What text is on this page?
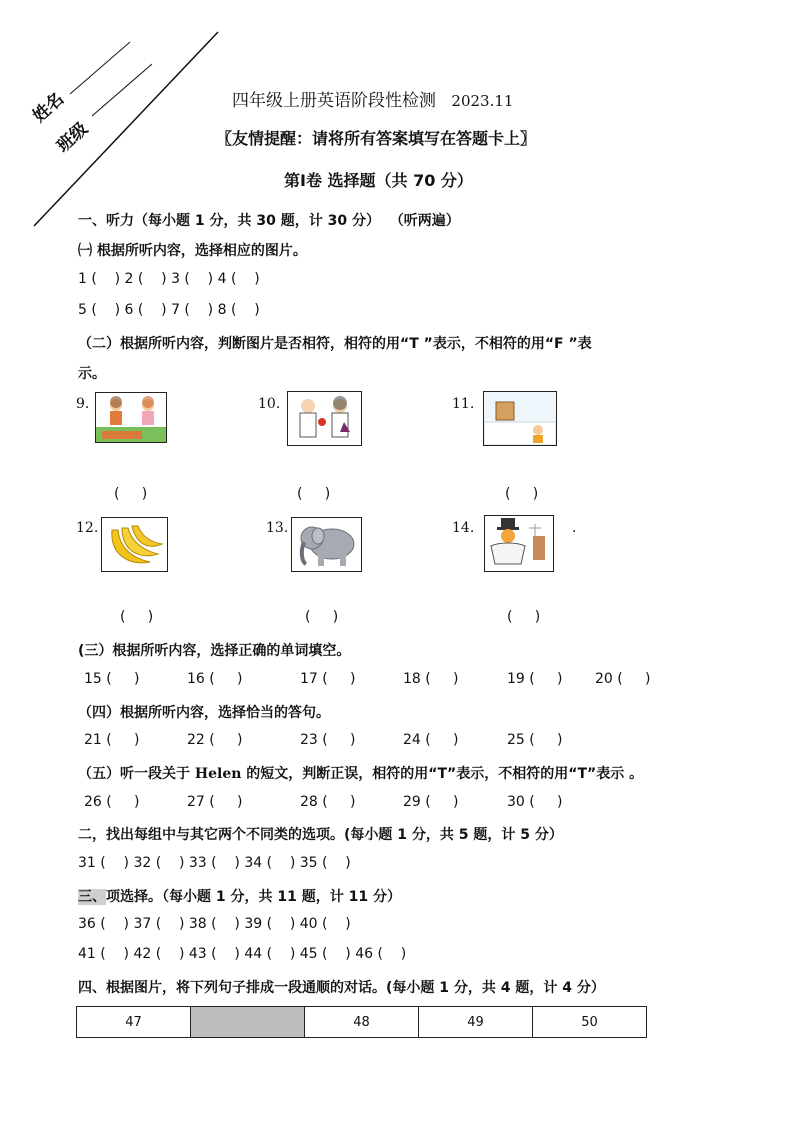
姓名
班级
四年级上册英语阶段性检测 2023.11
〖友情提醒：请将所有答案填写在答题卡上〗
第Ⅰ卷 选择题（共 70 分）
一、听力（每小题 1 分，共 30 题，计 30 分）  （听两遍）
㈠ 根据所听内容，选择相应的图片。
1 (    ) 2 (    ) 3 (    ) 4 (    )
5 (    ) 6 (    ) 7 (    ) 8 (    )
（二）根据所听内容，判断图片是否相符，相符的用“T ”表示，不相符的用“F ”表
示。
9.
(     )
10.
(     )
11.
(     )
12.
(     )
13.
(     )
14.	.
(     )
(三）根据所听内容，选择正确的单词填空。
15 (     )	16 (     )	17 (     )	18 (     )	19 (     ) 20 (     )
（四）根据所听内容，选择恰当的答句。
21 (     )	22 (     )	23 (     )	24 (     )	25 (     )
（五）听一段关于 Helen 的短文，判断正误，相符的用“T”表示，不相符的用“T”表示 。
26 (     )	27 (     )	28 (     )	29 (     )	30 (     )
二，找出每组中与其它两个不同类的选项。(每小题 1 分，共 5 题，计 5 分）
31 (    ) 32 (    ) 33 (    ) 34 (    ) 35 (    )
三、项选择。（每小题 1 分，共 11 题，计 11 分）
36 (    ) 37 (    ) 38 (    ) 39 (    ) 40 (    )
41 (    ) 42 (    ) 43 (    ) 44 (    ) 45 (    ) 46 (    )
四、根据图片，将下列句子排成一段通顺的对话。(每小题 1 分，共 4 题，计 4 分）
47		48	49	50
